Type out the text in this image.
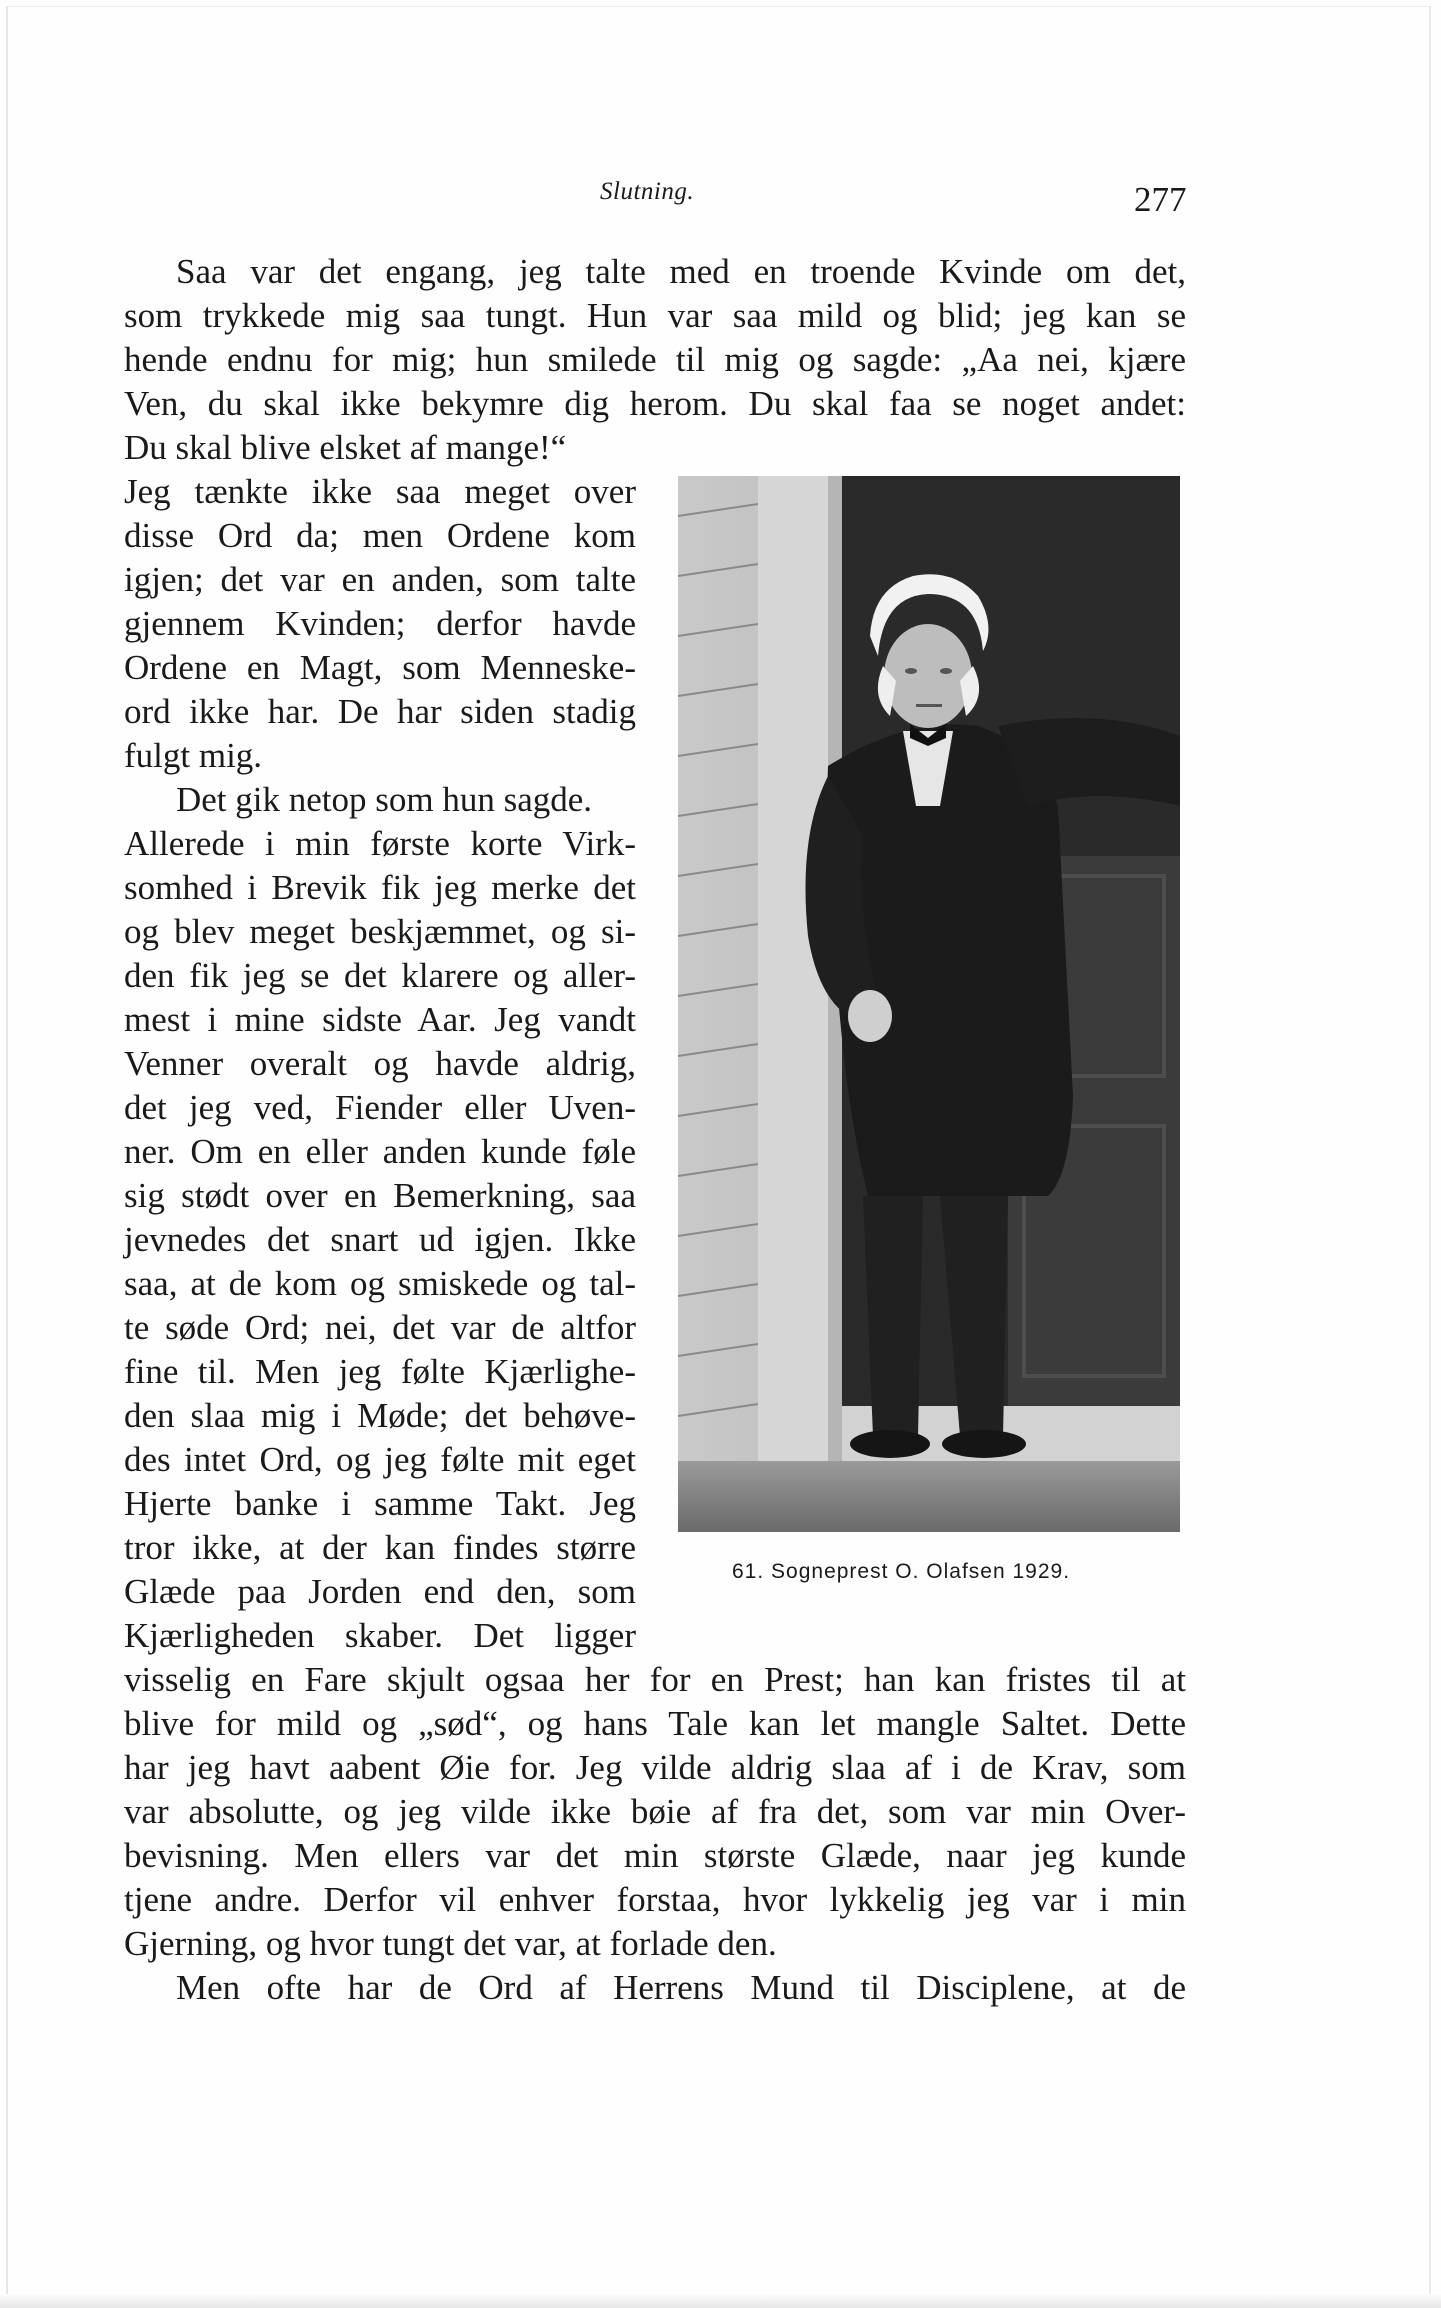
Slutning.	277

Saa var det engang, jeg talte med en troende Kvinde om det,

som trykkede mig saa tungt. Hun var saa mild og blid; jeg kan se

hende endnu for mig; hun smilede til mig og sagde: „Aa nei, kjære

Ven, du skal ikke bekymre dig herom. Du skal faa se noget andet:

Du skal blive elsket af mange!“

Jeg tænkte ikke saa meget over

disse Ord da; men Ordene kom

igjen; det var en anden, som talte

gjennem Kvinden; derfor havde

Ordene en Magt, som Menneske-

ord ikke har. De har siden stadig

fulgt mig.

Det gik netop som hun sagde.

Allerede i min første korte Virk-

somhed i Brevik fik jeg merke det

og blev meget beskjæmmet, og si-

den fik jeg se det klarere og aller-

mest i mine sidste Aar. Jeg vandt

Venner overalt og havde aldrig,

det jeg ved, Fiender eller Uven-

ner. Om en eller anden kunde føle

sig stødt over en Bemerkning, saa

jevnedes det snart ud igjen. Ikke

saa, at de kom og smiskede og tal-

te søde Ord; nei, det var de altfor

fine til. Men jeg følte Kjærlighe-

den slaa mig i Møde; det behøve-

des intet Ord, og jeg følte mit eget

Hjerte banke i samme Takt. Jeg

tror ikke, at der kan findes større

Glæde paa Jorden end den, som

Kjærligheden skaber. Det ligger

visselig en Fare skjult ogsaa her for en Prest; han kan fristes til at

blive for mild og „sød“, og hans Tale kan let mangle Saltet. Dette

har jeg havt aabent Øie for. Jeg vilde aldrig slaa af i de Krav, som

var absolutte, og jeg vilde ikke bøie af fra det, som var min Over-

bevisning. Men ellers var det min største Glæde, naar jeg kunde

tjene andre. Derfor vil enhver forstaa, hvor lykkelig jeg var i min

Gjerning, og hvor tungt det var, at forlade den.

Men ofte har de Ord af Herrens Mund til Disciplene, at de

61. Sogneprest O. Olafsen 1929.
